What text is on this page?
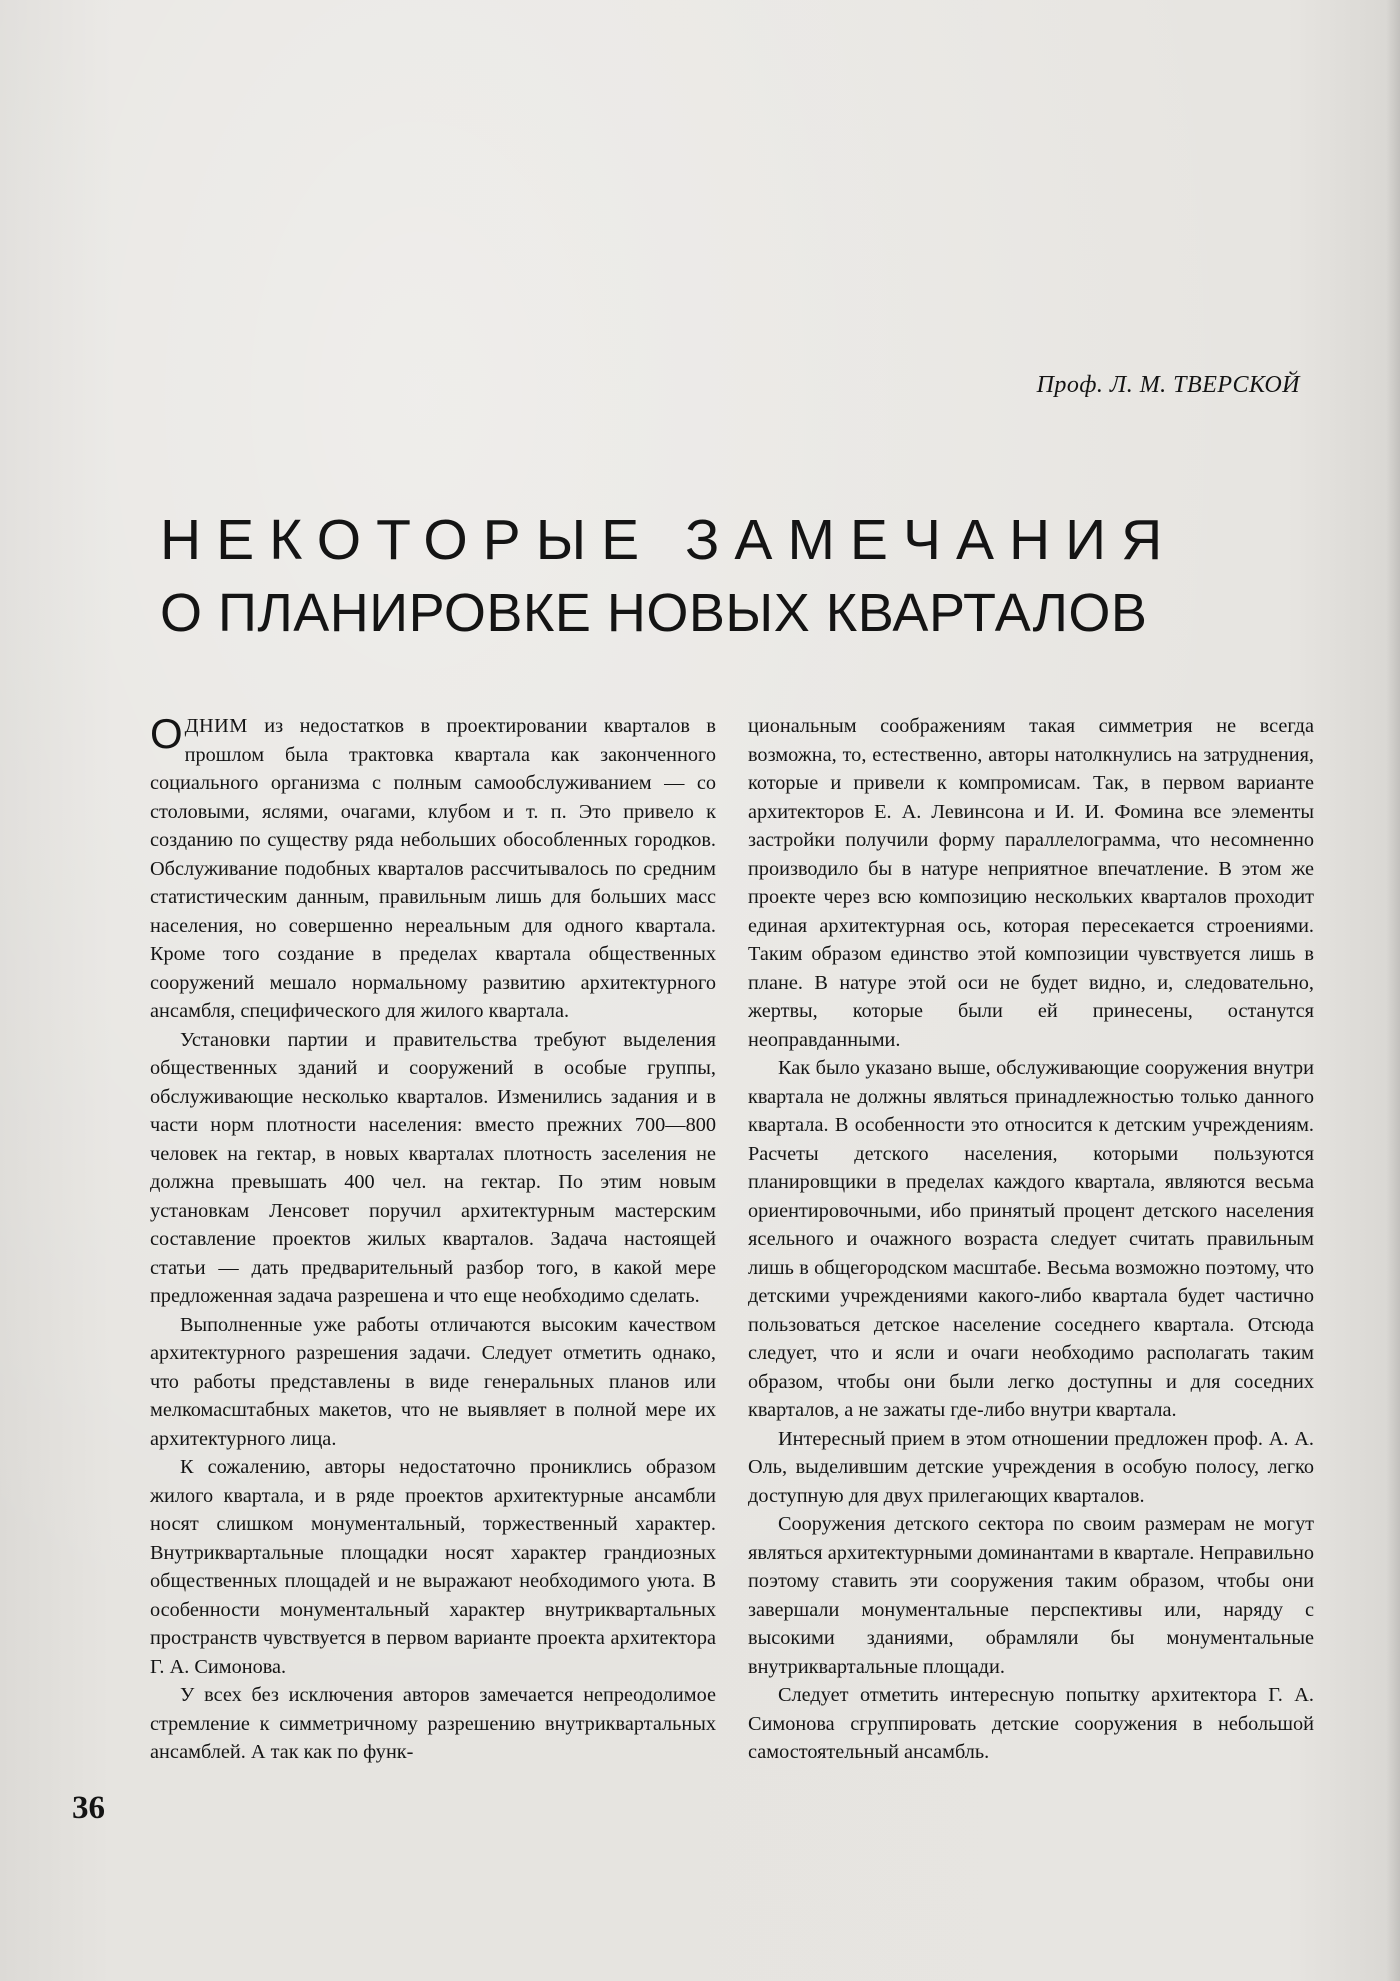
Проф. Л. М. ТВЕРСКОЙ
НЕКОТОРЫЕ ЗАМЕЧАНИЯ
О ПЛАНИРОВКЕ НОВЫХ КВАРТАЛОВ

ОДНИМ из недостатков в проектировании кварталов в прошлом была трактовка квартала как законченного социального организма с полным самообслуживанием — со столовыми, яслями, очагами, клубом и т. п. Это привело к созданию по существу ряда небольших обособленных городков. Обслуживание подобных кварталов рассчитывалось по средним статистическим данным, правильным лишь для больших масс населения, но совершенно нереальным для одного квартала. Кроме того создание в пределах квартала общественных сооружений мешало нормальному развитию архитектурного ансамбля, специфического для жилого квартала.

Установки партии и правительства требуют выделения общественных зданий и сооружений в особые группы, обслуживающие несколько кварталов. Изменились задания и в части норм плотности населения: вместо прежних 700—800 человек на гектар, в новых кварталах плотность заселения не должна превышать 400 чел. на гектар. По этим новым установкам Ленсовет поручил архитектурным мастерским составление проектов жилых кварталов. Задача настоящей статьи — дать предварительный разбор того, в какой мере предложенная задача разрешена и что еще необходимо сделать.

Выполненные уже работы отличаются высоким качеством архитектурного разрешения задачи. Следует отметить однако, что работы представлены в виде генеральных планов или мелкомасштабных макетов, что не выявляет в полной мере их архитектурного лица.

К сожалению, авторы недостаточно прониклись образом жилого квартала, и в ряде проектов архитектурные ансамбли носят слишком монументальный, торжественный характер. Внутриквартальные площадки носят характер грандиозных общественных площадей и не выражают необходимого уюта. В особенности монументальный характер внутриквартальных пространств чувствуется в первом варианте проекта архитектора Г. А. Симонова.

У всех без исключения авторов замечается непреодолимое стремление к симметричному разрешению внутриквартальных ансамблей. А так как по функ-

циональным соображениям такая симметрия не всегда возможна, то, естественно, авторы натолкнулись на затруднения, которые и привели к компромисам. Так, в первом варианте архитекторов Е. А. Левинсона и И. И. Фомина все элементы застройки получили форму параллелограмма, что несомненно производило бы в натуре неприятное впечатление. В этом же проекте через всю композицию нескольких кварталов проходит единая архитектурная ось, которая пересекается строениями. Таким образом единство этой композиции чувствуется лишь в плане. В натуре этой оси не будет видно, и, следовательно, жертвы, которые были ей принесены, останутся неоправданными.

Как было указано выше, обслуживающие сооружения внутри квартала не должны являться принадлежностью только данного квартала. В особенности это относится к детским учреждениям. Расчеты детского населения, которыми пользуются планировщики в пределах каждого квартала, являются весьма ориентировочными, ибо принятый процент детского населения ясельного и очажного возраста следует считать правильным лишь в общегородском масштабе. Весьма возможно поэтому, что детскими учреждениями какого-либо квартала будет частично пользоваться детское население соседнего квартала. Отсюда следует, что и ясли и очаги необходимо располагать таким образом, чтобы они были легко доступны и для соседних кварталов, а не зажаты где-либо внутри квартала.

Интересный прием в этом отношении предложен проф. А. А. Оль, выделившим детские учреждения в особую полосу, легко доступную для двух прилегающих кварталов.

Сооружения детского сектора по своим размерам не могут являться архитектурными доминантами в квартале. Неправильно поэтому ставить эти сооружения таким образом, чтобы они завершали монументальные перспективы или, наряду с высокими зданиями, обрамляли бы монументальные внутриквартальные площади.

Следует отметить интересную попытку архитектора Г. А. Симонова сгруппировать детские сооружения в небольшой самостоятельный ансамбль.

36
